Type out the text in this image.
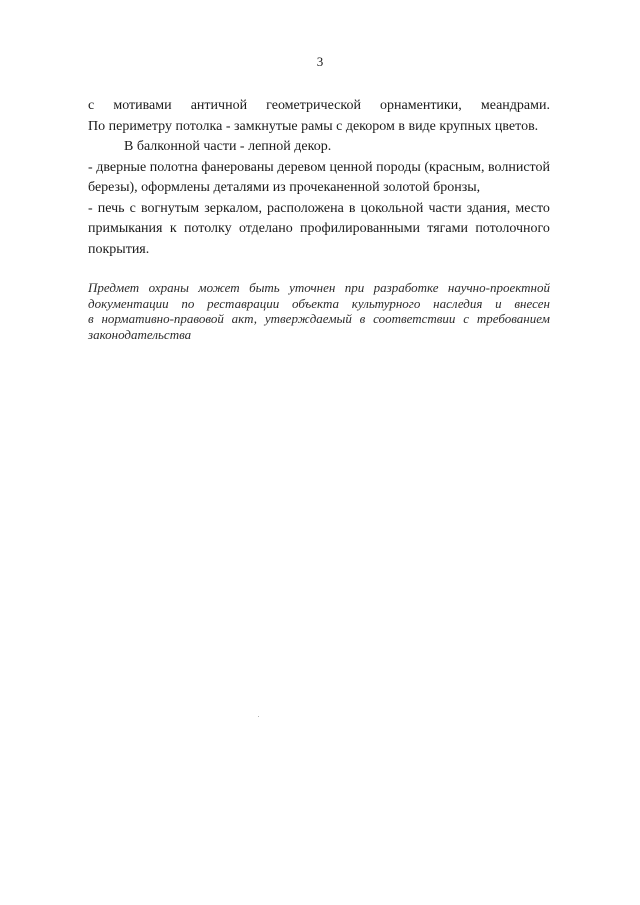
3
с мотивами античной геометрической орнаментики, меандрами.
По периметру потолка - замкнутые рамы с декором в виде крупных цветов.
В балконной части - лепной декор.
- дверные полотна фанерованы деревом ценной породы (красным, волнистой
березы), оформлены деталями из прочеканенной золотой бронзы,
- печь с вогнутым зеркалом, расположена в цокольной части здания, место
примыкания к потолку отделано профилированными тягами потолочного
покрытия.
Предмет охраны может быть уточнен при разработке научно-проектной
документации по реставрации объекта культурного наследия и внесен
в нормативно-правовой акт, утверждаемый в соответствии с требованием
законодательства
